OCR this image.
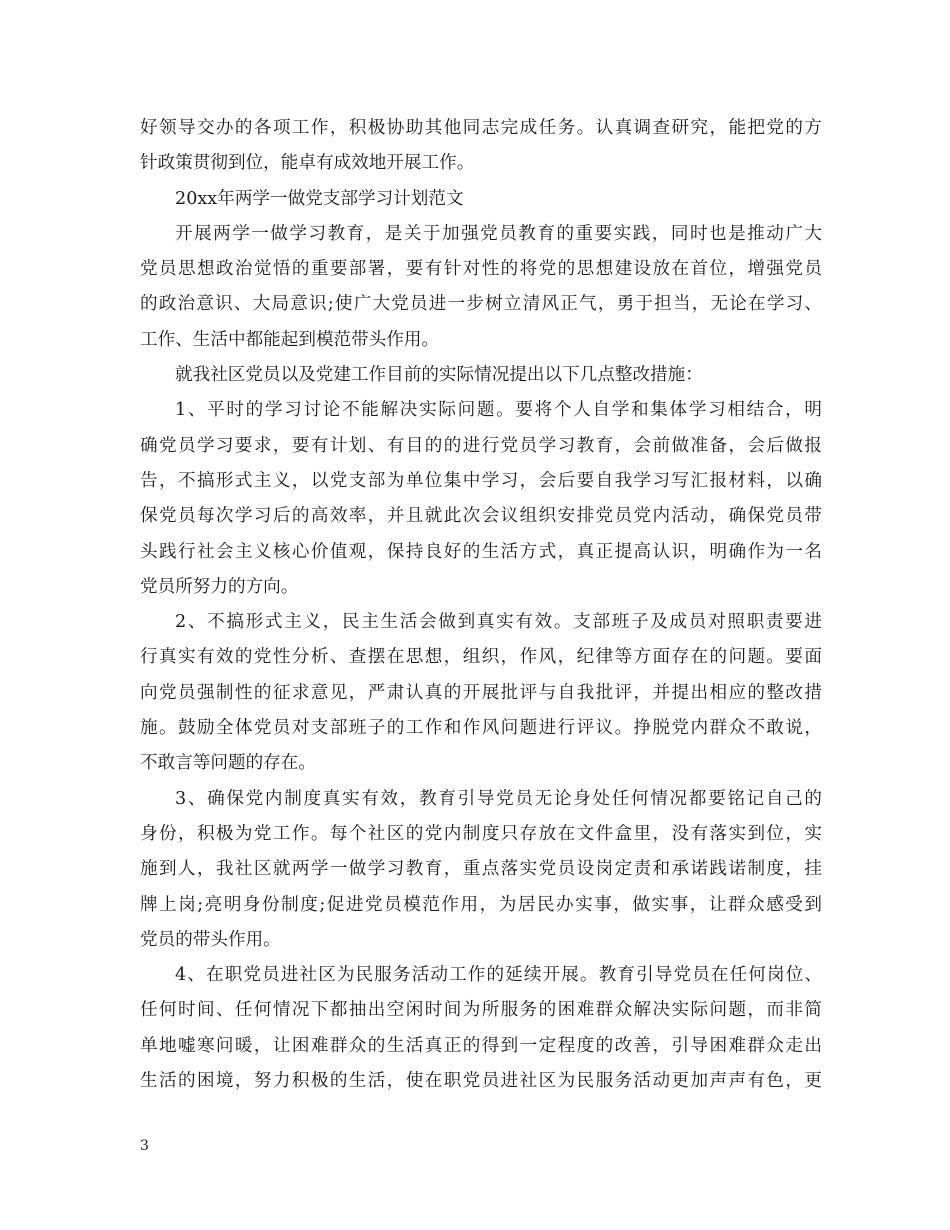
好领导交办的各项工作，积极协助其他同志完成任务。认真调查研究，能把党的方
针政策贯彻到位，能卓有成效地开展工作。
20xx年两学一做党支部学习计划范文
开展两学一做学习教育，是关于加强党员教育的重要实践，同时也是推动广大
党员思想政治觉悟的重要部署，要有针对性的将党的思想建设放在首位，增强党员
的政治意识、大局意识;使广大党员进一步树立清风正气，勇于担当，无论在学习、
工作、生活中都能起到模范带头作用。
就我社区党员以及党建工作目前的实际情况提出以下几点整改措施：
1、平时的学习讨论不能解决实际问题。要将个人自学和集体学习相结合，明
确党员学习要求，要有计划、有目的的进行党员学习教育，会前做准备，会后做报
告，不搞形式主义，以党支部为单位集中学习，会后要自我学习写汇报材料，以确
保党员每次学习后的高效率，并且就此次会议组织安排党员党内活动，确保党员带
头践行社会主义核心价值观，保持良好的生活方式，真正提高认识，明确作为一名
党员所努力的方向。
2、不搞形式主义，民主生活会做到真实有效。支部班子及成员对照职责要进
行真实有效的党性分析、查摆在思想，组织，作风，纪律等方面存在的问题。要面
向党员强制性的征求意见，严肃认真的开展批评与自我批评，并提出相应的整改措
施。鼓励全体党员对支部班子的工作和作风问题进行评议。挣脱党内群众不敢说，
不敢言等问题的存在。
3、确保党内制度真实有效，教育引导党员无论身处任何情况都要铭记自己的
身份，积极为党工作。每个社区的党内制度只存放在文件盒里，没有落实到位，实
施到人，我社区就两学一做学习教育，重点落实党员设岗定责和承诺践诺制度，挂
牌上岗;亮明身份制度;促进党员模范作用，为居民办实事，做实事，让群众感受到
党员的带头作用。
4、在职党员进社区为民服务活动工作的延续开展。教育引导党员在任何岗位、
任何时间、任何情况下都抽出空闲时间为所服务的困难群众解决实际问题，而非简
单地嘘寒问暖，让困难群众的生活真正的得到一定程度的改善，引导困难群众走出
生活的困境，努力积极的生活，使在职党员进社区为民服务活动更加声声有色，更
3
